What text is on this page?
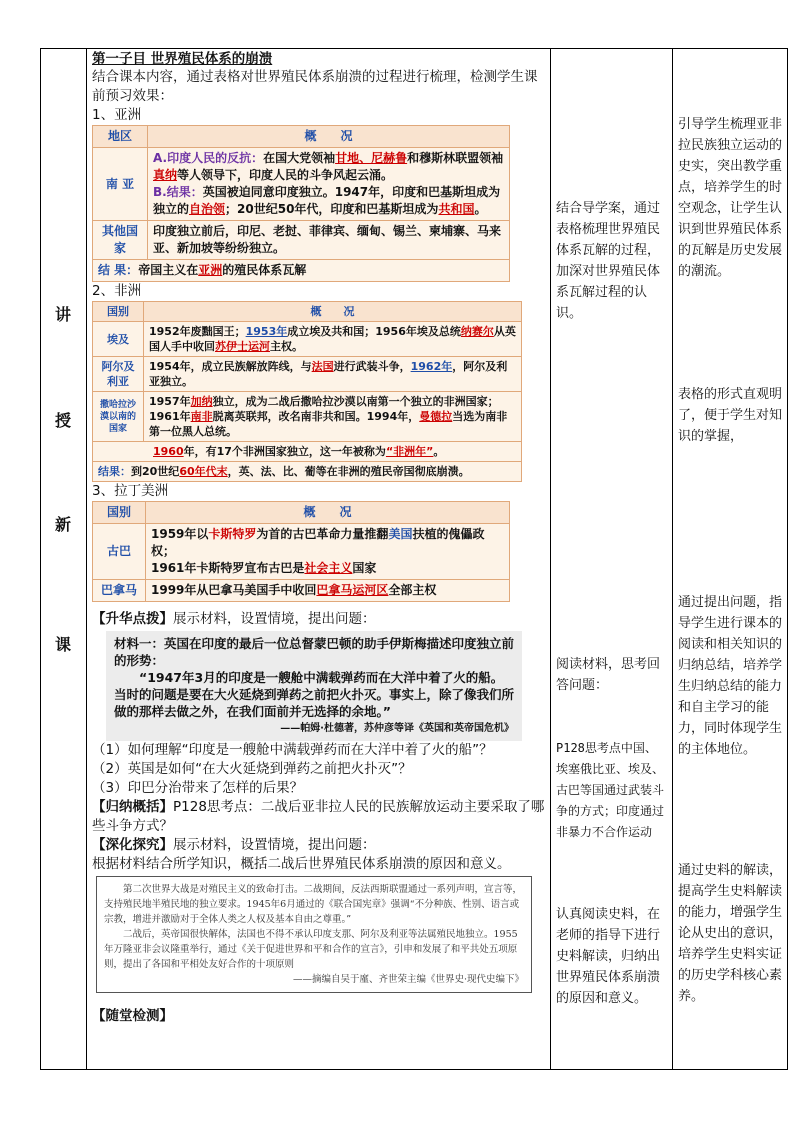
讲
授
新
课
第一子目 世界殖民体系的崩溃
结合课本内容，通过表格对世界殖民体系崩溃的过程进行梳理，检测学生课前预习效果：
1、亚洲
地区	概　　况
南 亚	A.印度人民的反抗：在国大党领袖甘地、尼赫鲁和穆斯林联盟领袖真纳等人领导下，印度人民的斗争风起云涌。
B.结果：英国被迫同意印度独立。1947年，印度和巴基斯坦成为独立的自治领；20世纪50年代，印度和巴基斯坦成为共和国。
其他国家	印度独立前后，印尼、老挝、菲律宾、缅甸、锡兰、柬埔寨、马来亚、新加坡等纷纷独立。
结 果：帝国主义在亚洲的殖民体系瓦解	
2、非洲
国别	概　　况
埃及	1952年废黜国王；1953年成立埃及共和国；1956年埃及总统纳赛尔从英国人手中收回苏伊士运河主权。
阿尔及利亚	1954年，成立民族解放阵线，与法国进行武装斗争，1962年，阿尔及利亚独立。
撒哈拉沙漠以南的国家	1957年加纳独立，成为二战后撒哈拉沙漠以南第一个独立的非洲国家；1961年南非脱离英联邦，改名南非共和国。1994年，曼德拉当选为南非第一位黑人总统。
1960年，有17个非洲国家独立，这一年被称为“非洲年”。	
结果：到20世纪60年代末，英、法、比、葡等在非洲的殖民帝国彻底崩溃。	
3、拉丁美洲
国别	概　　况
古巴	1959年以卡斯特罗为首的古巴革命力量推翻美国扶植的傀儡政权；
1961年卡斯特罗宣布古巴是社会主义国家
巴拿马	1999年从巴拿马美国手中收回巴拿马运河区全部主权
【升华点拨】展示材料，设置情境，提出问题：
材料一：英国在印度的最后一位总督蒙巴顿的助手伊斯梅描述印度独立前的形势：
“1947年3月的印度是一艘舱中满载弹药而在大洋中着了火的船。当时的问题是要在大火延烧到弹药之前把火扑灭。事实上，除了像我们所做的那样去做之外，在我们面前并无选择的余地。”
——帕姆·杜德著，苏仲彦等译《英国和英帝国危机》
（1）如何理解“印度是一艘舱中满载弹药而在大洋中着了火的船”？
（2）英国是如何“在大火延烧到弹药之前把火扑灭”？
（3）印巴分治带来了怎样的后果？
【归纳概括】P128思考点：二战后亚非拉人民的民族解放运动主要采取了哪些斗争方式？
【深化探究】展示材料，设置情境，提出问题：
根据材料结合所学知识，概括二战后世界殖民体系崩溃的原因和意义。
第二次世界大战是对殖民主义的致命打击。二战期间，反法西斯联盟通过一系列声明，宣言等，支持殖民地半殖民地的独立要求。1945年6月通过的《联合国宪章》强调“不分种族、性别、语言或宗教，增进并激励对于全体人类之人权及基本自由之尊重。”
二战后，英帝国很快解体，法国也不得不承认印度支那、阿尔及利亚等法属殖民地独立。1955年万隆亚非会议隆重举行，通过《关于促进世界和平和合作的宣言》，引申和发展了和平共处五项原则，提出了各国和平相处友好合作的十项原则
——摘编自吴于廑、齐世荣主编《世界史·现代史编下》
【随堂检测】
结合导学案，通过表格梳理世界殖民体系瓦解的过程，加深对世界殖民体系瓦解过程的认识。
阅读材料，思考回答问题：
P128思考点中国、埃塞俄比亚、埃及、古巴等国通过武装斗争的方式；印度通过非暴力不合作运动
认真阅读史料，在老师的指导下进行史料解读，归纳出世界殖民体系崩溃的原因和意义。
引导学生梳理亚非拉民族独立运动的史实，突出教学重点，培养学生的时空观念，让学生认识到世界殖民体系的瓦解是历史发展的潮流。
表格的形式直观明了，便于学生对知识的掌握，
通过提出问题，指导学生进行课本的阅读和相关知识的归纳总结，培养学生归纳总结的能力和自主学习的能力，同时体现学生的主体地位。
通过史料的解读，提高学生史料解读的能力，增强学生论从史出的意识，培养学生史料实证的历史学科核心素养。
